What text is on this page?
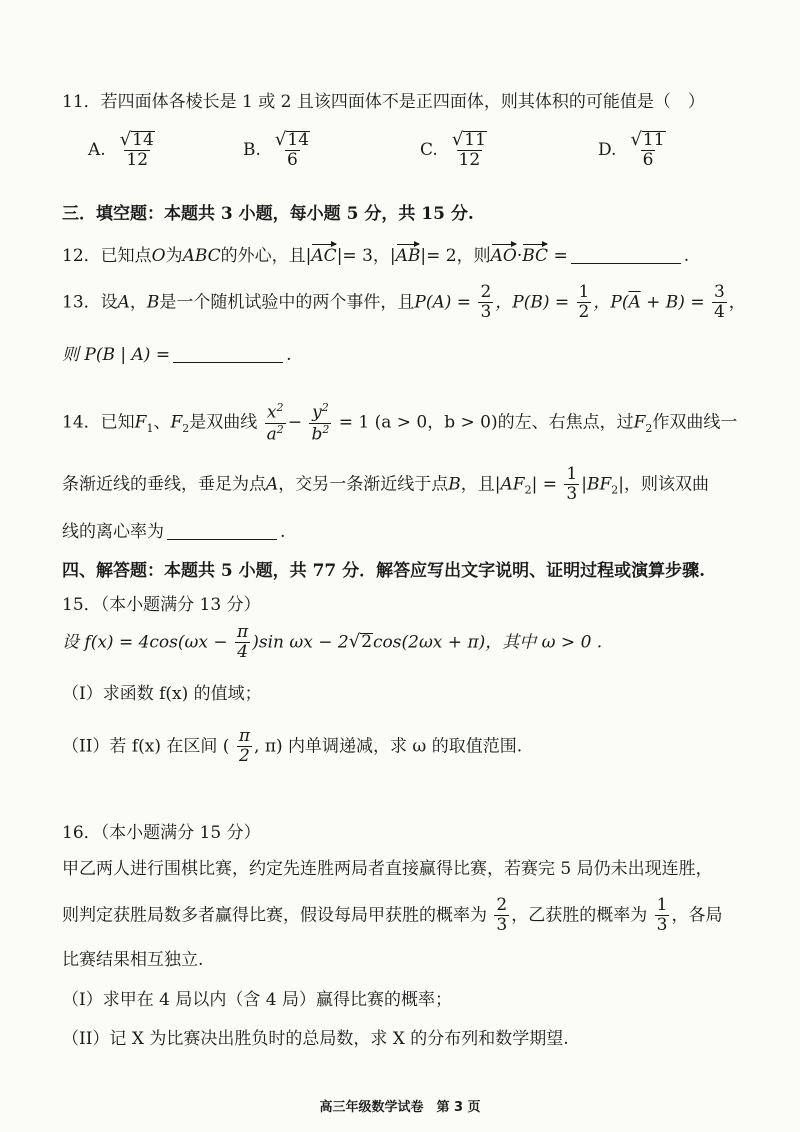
11．若四面体各棱长是 1 或 2 且该四面体不是正四面体，则其体积的可能值是（　）
A. $\frac{√ 14}{12}$	B. $\frac{√ 14}{6}$	C. $\frac{√ 11}{12}$	D. $\frac{√ 11}{6}$
三．填空题：本题共 3 小题，每小题 5 分，共 15 分.
12．已知点O为ABC的外心，且|AC|= 3，|AB|= 2，则AO·BC =	.
13．设A，B是一个随机试验中的两个事件，且$P(A) = \frac{2}{3}$ ，$P(B) = \frac{1}{2}$ ，$P(\overline{A} + B) = \frac{3}{4}$ ，
则 P(B | A) =	.
14．已知$F_1$、$F_2$是双曲线 $\frac{x^2}{a^2} - \frac{y^2}{b^2} = 1$ (a > 0，b > 0)的左、右焦点，过$F_2$作双曲线一
条渐近线的垂线，垂足为点A，交另一条渐近线于点B，且$|AF_2| = \frac{1}{3} |BF_2|$，则该双曲
线的离心率为	.
四、解答题：本题共 5 小题，共 77 分．解答应写出文字说明、证明过程或演算步骤.
15．（本小题满分 13 分）
设 $f(x) = 4\cos(\omega x - \frac{\pi}{4} )\sin$ ωx − 2 √ 2 cos(2ωx + π)，其中 ω > 0 .
（I）求函数 f(x) 的值域；
（II）若 f(x) 在区间 ( $\frac{\pi}{2}$ , π) 内单调递减，求 ω 的取值范围.
16．（本小题满分 15 分）
甲乙两人进行围棋比赛，约定先连胜两局者直接赢得比赛，若赛完 5 局仍未出现连胜，
则判定获胜局数多者赢得比赛，假设每局甲获胜的概率为 $\frac{2}{3}$ ，乙获胜的概率为 $\frac{1}{3}$ ，各局
比赛结果相互独立.
（I）求甲在 4 局以内（含 4 局）赢得比赛的概率；
（II）记 X 为比赛决出胜负时的总局数，求 X 的分布列和数学期望.
高三年级数学试卷　第 3 页
